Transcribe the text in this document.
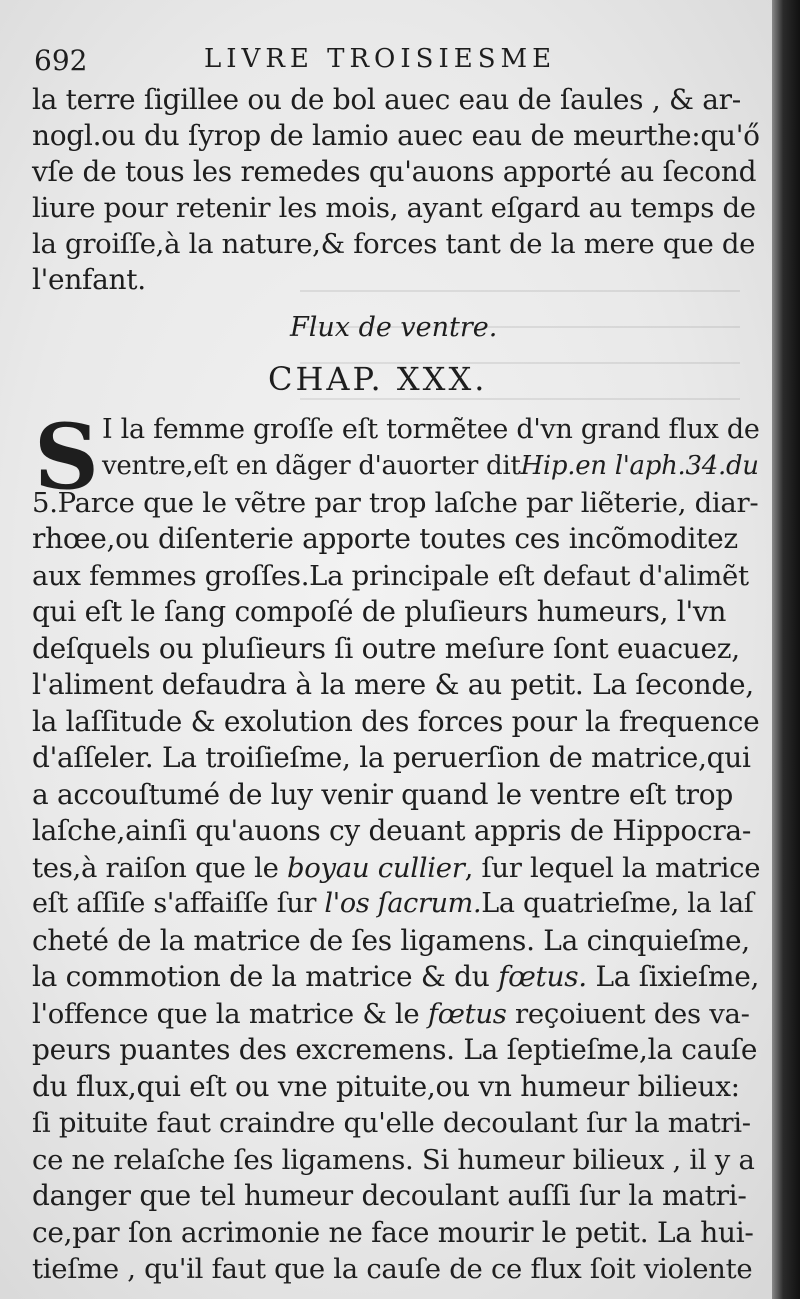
692	LIVRE TROISIESME
la terre ſigillee ou de bol auec eau de ſaules , & ar-
nogl.ou du ſyrop de lamio auec eau de meurthe:qu'ő
vſe de tous les remedes qu'auons apporté au ſecond
liure pour retenir les mois, ayant eſgard au temps de
la groiſſe,à la nature,& forces tant de la mere que de
l'enfant.
Flux de ventre.
CHAP. XXX.
S I la femme groſſe eſt tormẽtee d'vn grand flux de
ventre,eſt en dãger d'auorter ditHip.en l'aph.34.du
5.Parce que le vẽtre par trop laſche par liẽterie, diar-
rhœe,ou diſenterie apporte toutes ces incõmoditez
aux femmes groſſes.La principale eſt defaut d'alimẽt
qui eſt le ſang compoſé de pluſieurs humeurs, l'vn
deſquels ou pluſieurs ſi outre meſure ſont euacuez,
l'aliment defaudra à la mere & au petit. La ſeconde,
la laſſitude & exolution des forces pour la frequence
d'aſſeler. La troiſieſme, la peruerſion de matrice,qui
a accouſtumé de luy venir quand le ventre eſt trop
laſche,ainſi qu'auons cy deuant appris de Hippocra-
tes,à raiſon que le boyau cullier, ſur lequel la matrice
eſt aſſiſe s'affaiſſe ſur l'os ſacrum.La quatrieſme, la laſ
cheté de la matrice de ſes ligamens. La cinquieſme,
la commotion de la matrice & du fœtus. La ſixieſme,
l'offence que la matrice & le fœtus reçoiuent des va-
peurs puantes des excremens. La ſeptieſme,la cauſe
du flux,qui eſt ou vne pituite,ou vn humeur bilieux:
ſi pituite faut craindre qu'elle decoulant ſur la matri-
ce ne relaſche ſes ligamens. Si humeur bilieux , il y a
danger que tel humeur decoulant auſſi ſur la matri-
ce,par ſon acrimonie ne face mourir le petit. La hui-
tieſme , qu'il faut que la cauſe de ce flux ſoit violente
